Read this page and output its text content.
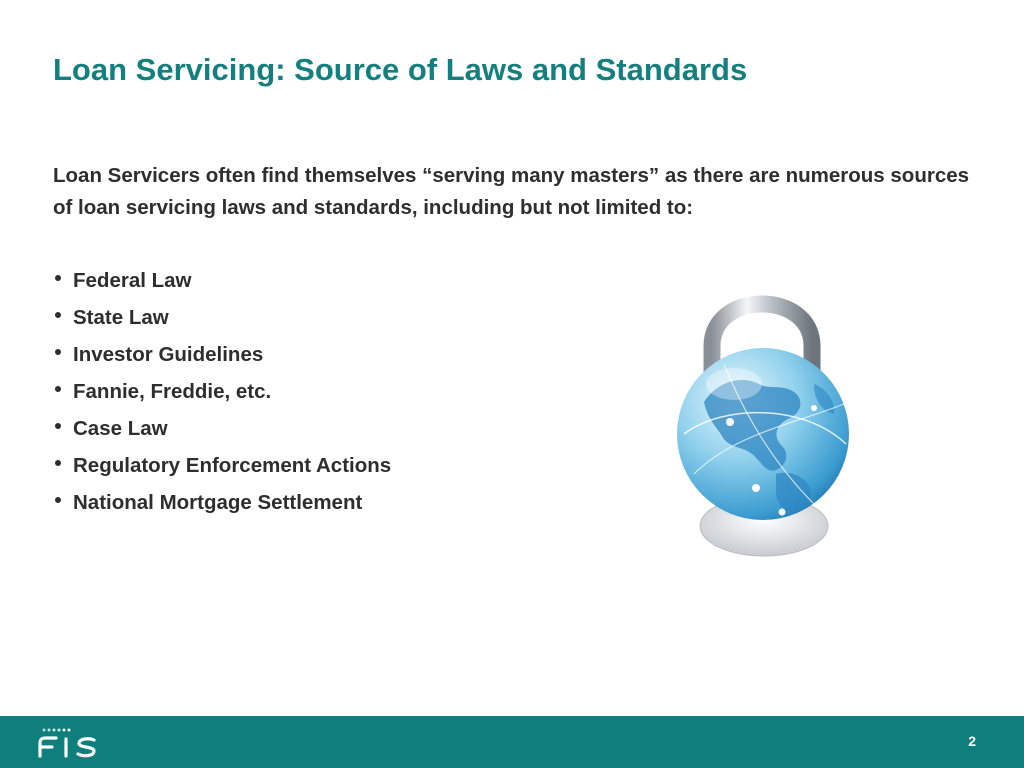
Loan Servicing: Source of Laws and Standards
Loan Servicers often find themselves “serving many masters” as there are numerous sources of loan servicing laws and standards, including but not limited to:
Federal Law
State Law
Investor Guidelines
Fannie, Freddie, etc.
Case Law
Regulatory Enforcement Actions
National Mortgage Settlement
2
